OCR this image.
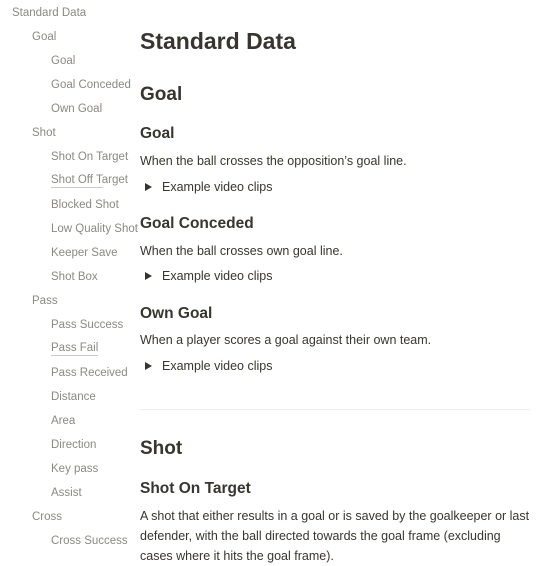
Standard Data
Goal
Goal
Goal Conceded
Own Goal
Shot
Shot On Target
Shot Off Target
Blocked Shot
Low Quality Shot
Keeper Save
Shot Box
Pass
Pass Success
Pass Fail
Pass Received
Distance
Area
Direction
Key pass
Assist
Cross
Cross Success
Standard Data
Goal
Goal

When the ball crosses the opposition’s goal line.

Example video clips
Goal Conceded

When the ball crosses own goal line.

Example video clips
Own Goal

When a player scores a goal against their own team.

Example video clips
Shot
Shot On Target

A shot that either results in a goal or is saved by the goalkeeper or last defender, with the ball directed towards the goal frame (excluding cases where it hits the goal frame).
